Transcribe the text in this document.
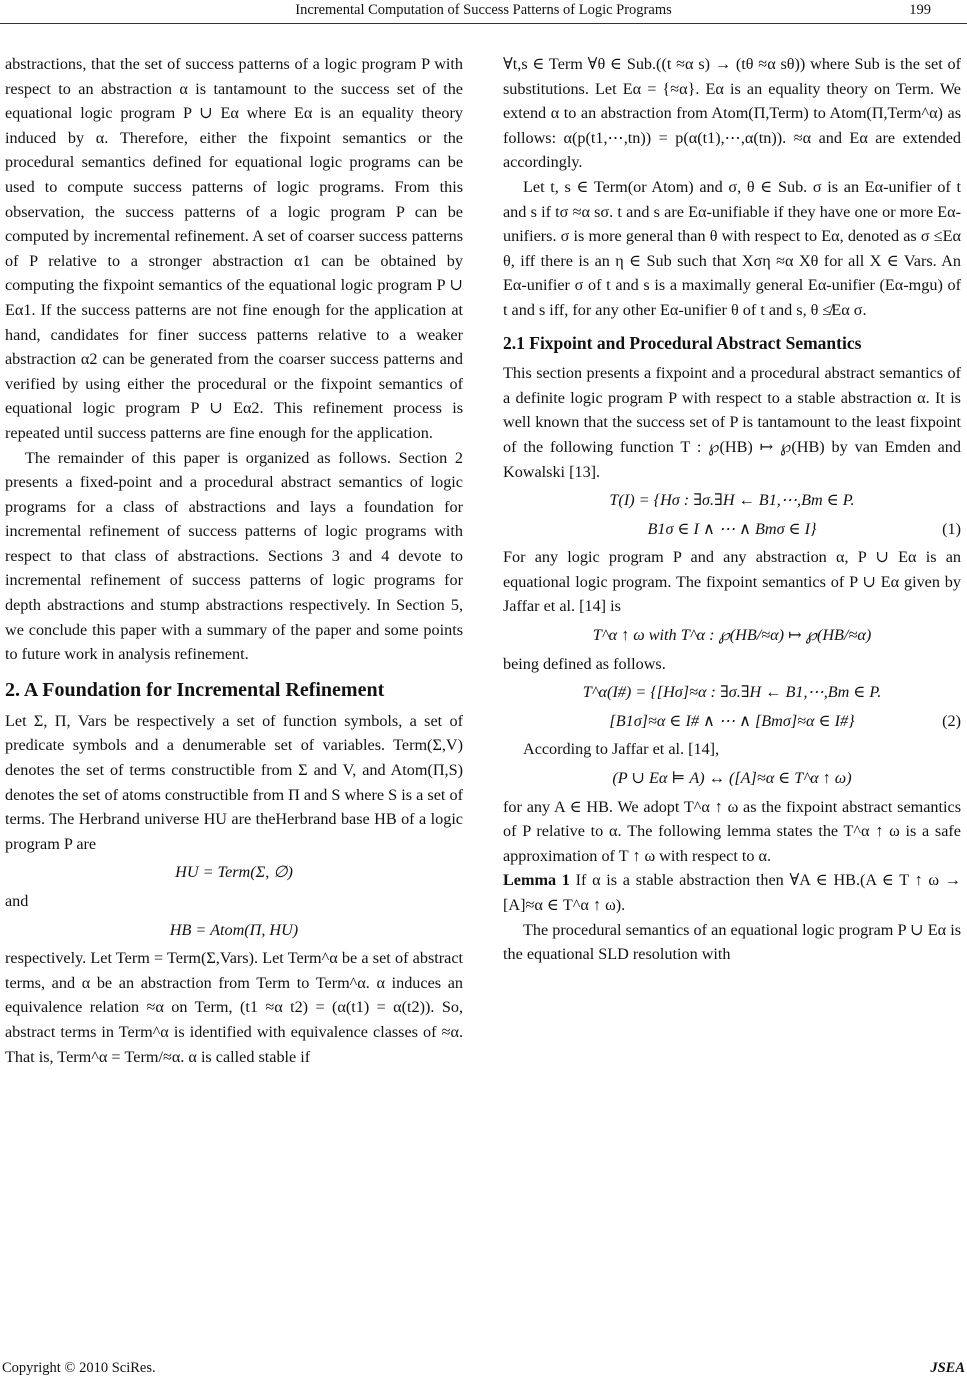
Incremental Computation of Success Patterns of Logic Programs	199

abstractions, that the set of success patterns of a logic program P with respect to an abstraction α is tantamount to the success set of the equational logic program P ∪ Eα where Eα is an equality theory induced by α. Therefore, either the fixpoint semantics or the procedural semantics defined for equational logic programs can be used to compute success patterns of logic programs. From this observation, the success patterns of a logic program P can be computed by incremental refinement. A set of coarser success patterns of P relative to a stronger abstraction α1 can be obtained by computing the fixpoint semantics of the equational logic program P ∪ Eα1. If the success patterns are not fine enough for the application at hand, candidates for finer success patterns relative to a weaker abstraction α2 can be generated from the coarser success patterns and verified by using either the procedural or the fixpoint semantics of equational logic program P ∪ Eα2. This refinement process is repeated until success patterns are fine enough for the application.

The remainder of this paper is organized as follows. Section 2 presents a fixed-point and a procedural abstract semantics of logic programs for a class of abstractions and lays a foundation for incremental refinement of success patterns of logic programs with respect to that class of abstractions. Sections 3 and 4 devote to incremental refinement of success patterns of logic programs for depth abstractions and stump abstractions respectively. In Section 5, we conclude this paper with a summary of the paper and some points to future work in analysis refinement.

2. A Foundation for Incremental Refinement

Let Σ, Π, Vars be respectively a set of function symbols, a set of predicate symbols and a denumerable set of variables. Term(Σ,V) denotes the set of terms constructible from Σ and V, and Atom(Π,S) denotes the set of atoms constructible from Π and S where S is a set of terms. The Herbrand universe HU are theHerbrand base HB of a logic program P are

HU = Term(Σ, ∅)

and

HB = Atom(Π, HU)

respectively. Let Term = Term(Σ,Vars). Let Term^α be a set of abstract terms, and α be an abstraction from Term to Term^α. α induces an equivalence relation ≈α on Term, (t1 ≈α t2) = (α(t1) = α(t2)). So, abstract terms in Term^α is identified with equivalence classes of ≈α. That is, Term^α = Term/≈α. α is called stable if

∀t,s ∈ Term ∀θ ∈ Sub.((t ≈α s) → (tθ ≈α sθ)) where Sub is the set of substitutions. Let Eα = {≈α}. Eα is an equality theory on Term. We extend α to an abstraction from Atom(Π,Term) to Atom(Π,Term^α) as follows: α(p(t1,⋯,tn)) = p(α(t1),⋯,α(tn)). ≈α and Eα are extended accordingly.

Let t, s ∈ Term(or Atom) and σ, θ ∈ Sub. σ is an Eα-unifier of t and s if tσ ≈α sσ. t and s are Eα-unifiable if they have one or more Eα-unifiers. σ is more general than θ with respect to Eα, denoted as σ ≤Eα θ, iff there is an η ∈ Sub such that Xση ≈α Xθ for all X ∈ Vars. An Eα-unifier σ of t and s is a maximally general Eα-unifier (Eα-mgu) of t and s iff, for any other Eα-unifier θ of t and s, θ ≰Eα σ.

2.1 Fixpoint and Procedural Abstract Semantics

This section presents a fixpoint and a procedural abstract semantics of a definite logic program P with respect to a stable abstraction α. It is well known that the success set of P is tantamount to the least fixpoint of the following function T : ℘(HB) ↦ ℘(HB) by van Emden and Kowalski [13].

T(I) = {Hσ : ∃σ.∃H ← B1,⋯,Bm ∈ P.
B1σ ∈ I ∧ ⋯ ∧ Bmσ ∈ I}	(1)

For any logic program P and any abstraction α, P ∪ Eα is an equational logic program. The fixpoint semantics of P ∪ Eα given by Jaffar et al. [14] is

T^α ↑ ω with T^α : ℘(HB/≈α) ↦ ℘(HB/≈α)

being defined as follows.

T^α(I#) = {[Hσ]≈α : ∃σ.∃H ← B1,⋯,Bm ∈ P.
[B1σ]≈α ∈ I# ∧ ⋯ ∧ [Bmσ]≈α ∈ I#}	(2)

According to Jaffar et al. [14],

(P ∪ Eα ⊨ A) ↔ ([A]≈α ∈ T^α ↑ ω)

for any A ∈ HB. We adopt T^α ↑ ω as the fixpoint abstract semantics of P relative to α. The following lemma states the T^α ↑ ω is a safe approximation of T ↑ ω with respect to α.

Lemma 1 If α is a stable abstraction then ∀A ∈ HB.(A ∈ T ↑ ω → [A]≈α ∈ T^α ↑ ω).

The procedural semantics of an equational logic program P ∪ Eα is the equational SLD resolution with

Copyright © 2010 SciRes.	JSEA
